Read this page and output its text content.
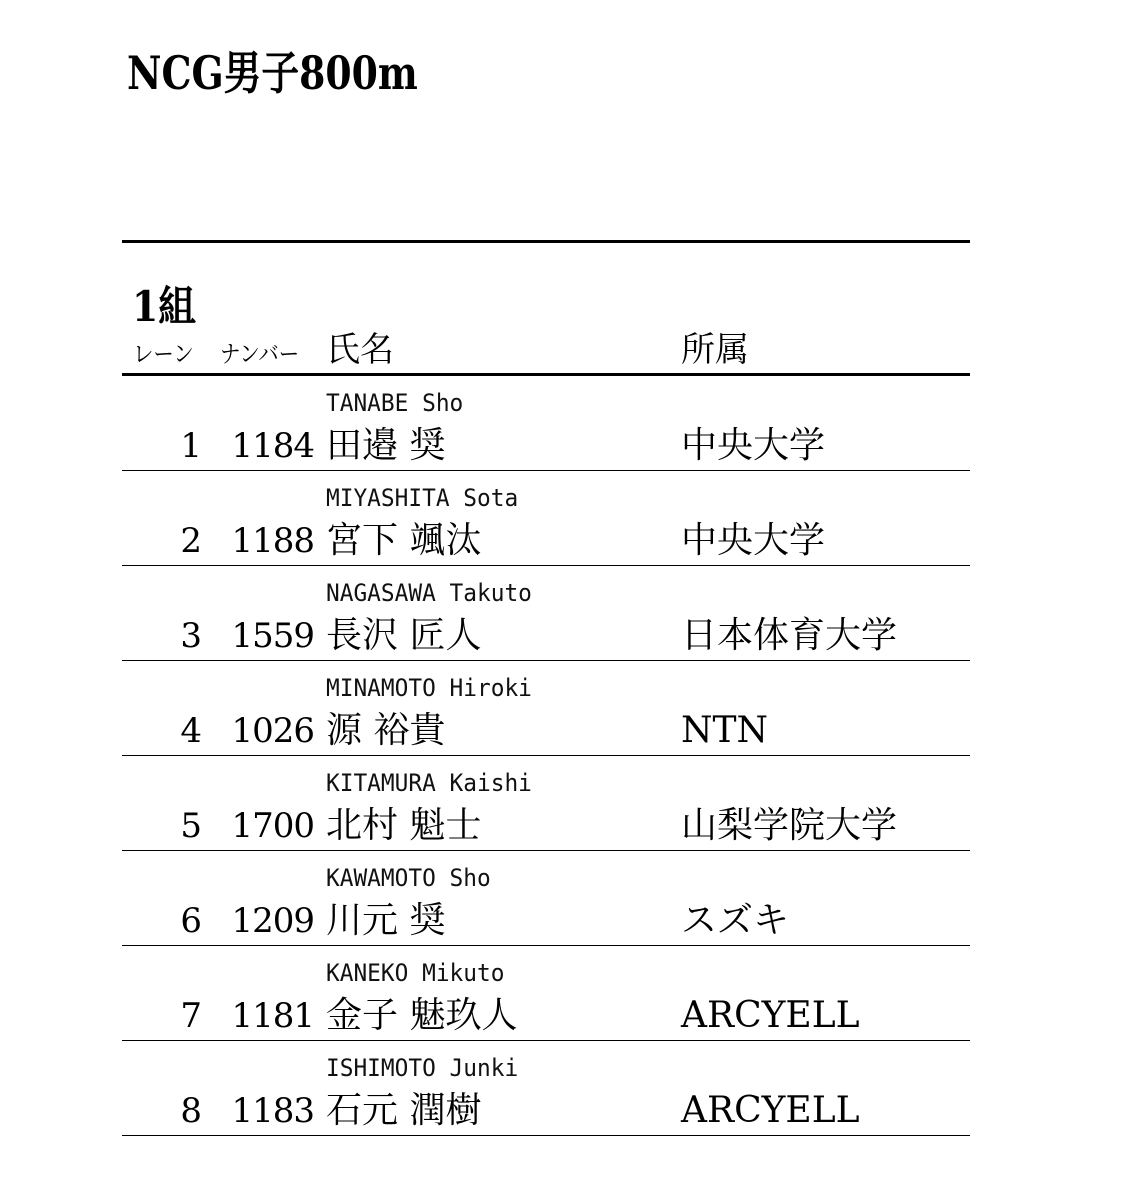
NCG男子800m
1組
レーン ナンバー 氏名	所属
TANABE Sho
1 1184 田邉 奨	中央大学
MIYASHITA Sota
2 1188 宮下 颯汰	中央大学
NAGASAWA Takuto
3 1559 長沢 匠人	日本体育大学
MINAMOTO Hiroki
4 1026 源 裕貴	NTN
KITAMURA Kaishi
5 1700 北村 魁士	山梨学院大学
KAWAMOTO Sho
6 1209 川元 奨	スズキ
KANEKO Mikuto
7 1181 金子 魅玖人	ARCYELL
ISHIMOTO Junki
8 1183 石元 潤樹	ARCYELL
